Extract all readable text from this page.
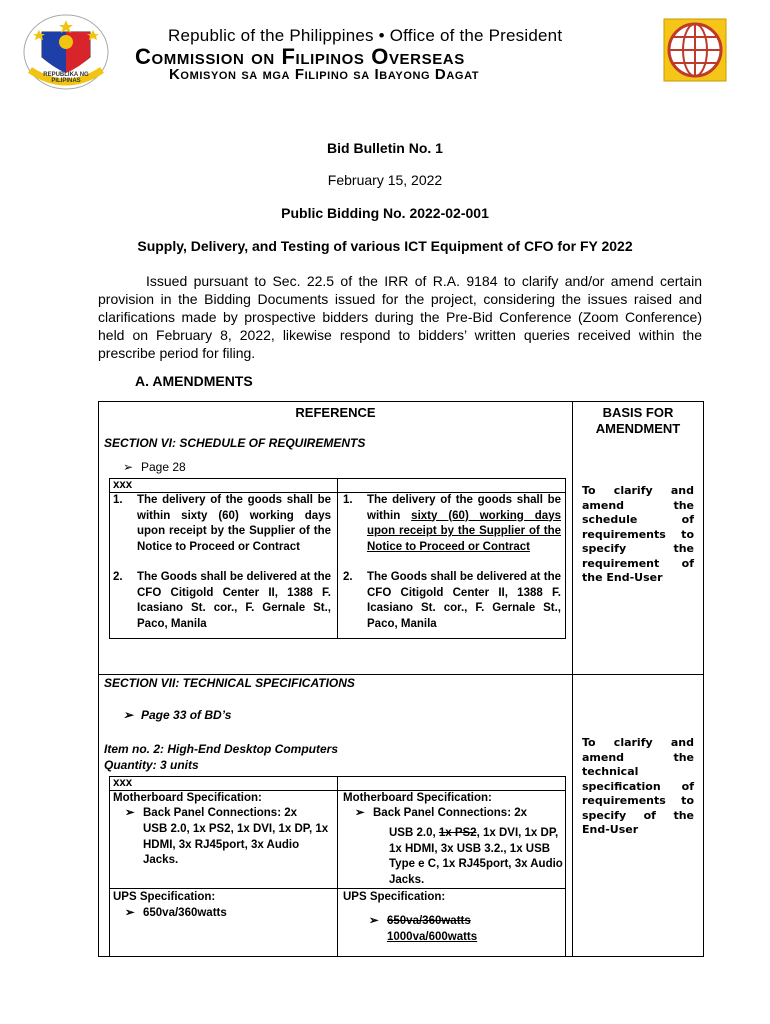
REPUBLIKA NG PILIPINAS
Republic of the Philippines • Office of the President
Commission on Filipinos Overseas
Komisyon sa mga Filipino sa Ibayong Dagat
Bid Bulletin No. 1
February 15, 2022
Public Bidding No. 2022-02-001
Supply, Delivery, and Testing of various ICT Equipment of CFO for FY 2022
Issued pursuant to Sec. 22.5 of the IRR of R.A. 9184 to clarify and/or amend certain provision in the Bidding Documents issued for the project, considering the issues raised and clarifications made by prospective bidders during the Pre-Bid Conference (Zoom Conference) held on February 8, 2022, likewise respond to bidders’ written queries received within the prescribe period for filing.
A. AMENDMENTS
REFERENCE	BASIS FOR AMENDMENT
SECTION VI: SCHEDULE OF REQUIREMENTS
➢ Page 28
xxx
1. The delivery of the goods shall be within sixty (60) working days upon receipt by the Supplier of the Notice to Proceed or Contract
2. The Goods shall be delivered at the CFO Citigold Center II, 1388 F. Icasiano St. cor., F. Gernale St., Paco, Manila
1. The delivery of the goods shall be within sixty (60) working days upon receipt by the Supplier of the Notice to Proceed or Contract
2. The Goods shall be delivered at the CFO Citigold Center II, 1388 F. Icasiano St. cor., F. Gernale St., Paco, Manila
To clarify and amend the schedule of requirements to specify the requirement of the End-User
SECTION VII: TECHNICAL SPECIFICATIONS
➢ Page 33 of BD’s
Item no. 2: High-End Desktop Computers
Quantity: 3 units
xxx
Motherboard Specification:
➢ Back Panel Connections: 2x
USB 2.0, 1x PS2, 1x DVI, 1x DP, 1x HDMI, 3x RJ45port, 3x Audio Jacks.
UPS Specification:
➢ 650va/360watts
Motherboard Specification:
➢ Back Panel Connections: 2x
USB 2.0, 1x PS2, 1x DVI, 1x DP, 1x HDMI, 3x USB 3.2., 1x USB Type e C, 1x RJ45port, 3x Audio Jacks.
UPS Specification:
➢ 650va/360watts
1000va/600watts
To clarify and amend the technical specification of requirements to specify of the End-User
